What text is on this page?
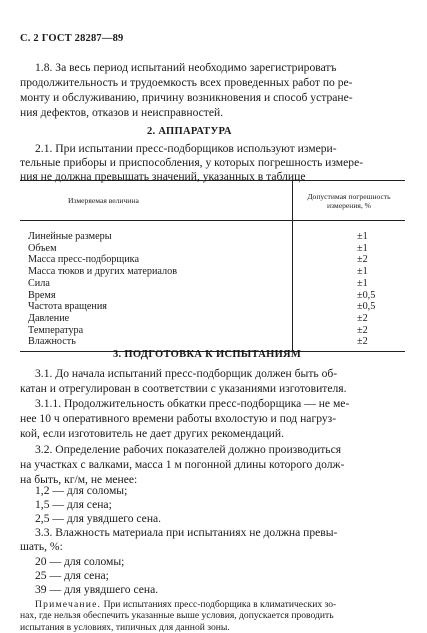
С. 2 ГОСТ 28287—89
1.8. За весь период испытаний необходимо зарегистрироватъ
продолжительность и трудоемкость всех проведенных работ по ре-
монту и обслуживанию, причину возникновения и способ устране-
ния дефектов, отказов и неисправностей.
2. АППАРАТУРА
2.1. При испытании пресс-подборщиков используют измери-
тельные приборы и приспособления, у которых погрешность измере-
ния не должна превышать значений, указанных в таблице
Измеряемая величина	Допустимая погрешность
измерения, %
Линейные размеры	±1
Объем	±1
Масса пресс-подборщика	±2
Масса тюков и других материалов	±1
Сила	±1
Время	±0,5
Частота вращения	±0,5
Давление	±2
Температура	±2
Влажность	±2
3. ПОДГОТОВКА К ИСПЫТАНИЯМ
3.1. До начала испытаний пресс-подборщик должен быть об-
катан и отрегулирован в соответствии с указаниями изготовителя.
3.1.1. Продолжительность обкатки пресс-подборщика — не ме-
нее 10 ч оперативного времени работы вхолостую и под нагруз-
кой, если изготовитель не дает других рекомендаций.
3.2. Определение рабочих показателей должно производиться
на участках с валками, масса 1 м погонной длины которого долж-
на быть, кг/м, не менее:
1,2 — для соломы;
1,5 — для сена;
2,5 — для увядшего сена.
3.3. Влажность материала при испытаниях не должна превы-
шать, %:
20 — для соломы;
25 — для сена;
39 — для увядшего сена.
Примечание. При испытаниях пресс-подборщика в климатических зо-
нах, где нельзя обеспечить указанные выше условия, допускается проводить
испытания в условиях, типичных для данной зоны.
